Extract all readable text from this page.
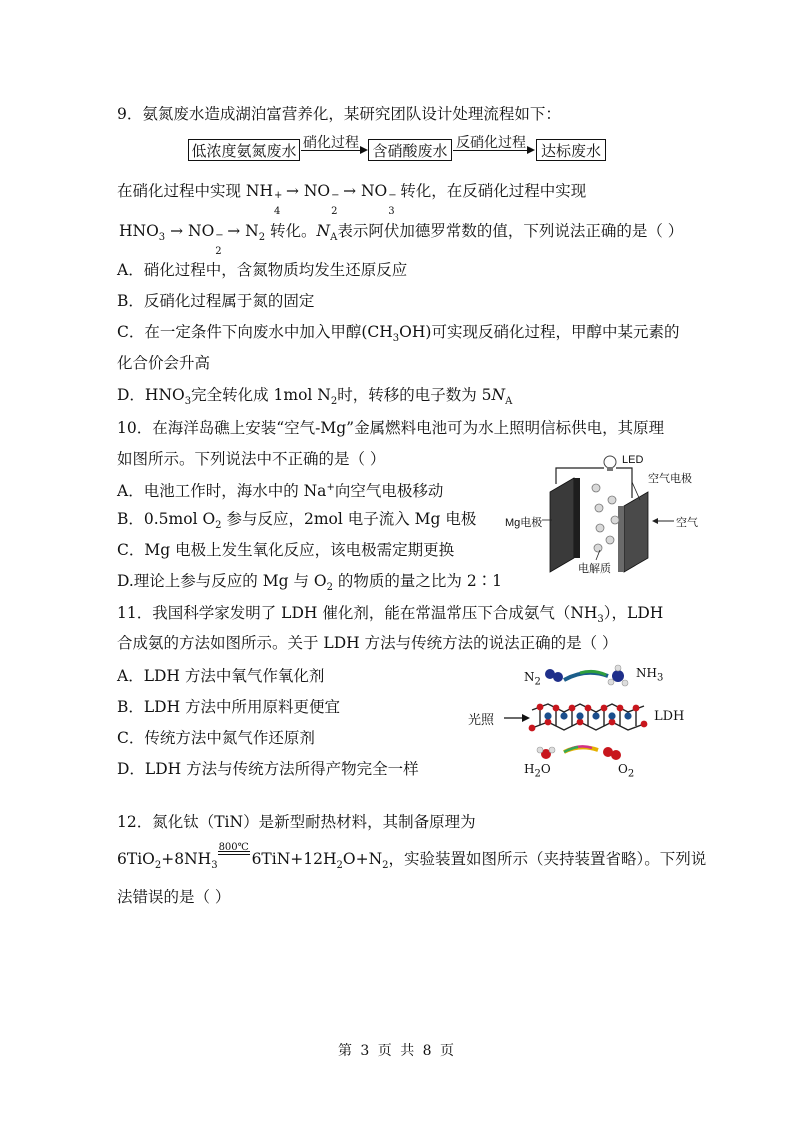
9．氨氮废水造成湖泊富营养化，某研究团队设计处理流程如下：
低浓度氨氮废水 硝化过程 含硝酸废水 反硝化过程 达标废水
在硝化过程中实现 NH +
4
→ NO −
2
→ NO −
3
转化，在反硝化过程中实现
$HNO_3$ → NO −
2
→ $N_2$ 转化。$N_A$表示阿伏加德罗常数的值，下列说法正确的是（ ）
A．硝化过程中，含氮物质均发生还原反应
B．反硝化过程属于氮的固定
C．在一定条件下向废水中加入甲醇$(CH_3OH)$可实现反硝化过程，甲醇中某元素的
化合价会升高
D．$HNO_3$完全转化成 1mol $N_2$时，转移的电子数为 $5N_A$
10．在海洋岛礁上安装“空气-Mg”金属燃料电池可为水上照明信标供电，其原理
如图所示。下列说法中不正确的是（ ）
A．电池工作时，海水中的 Na+向空气电极移动
B．0.5mol $O_2$ 参与反应，2mol 电子流入 Mg 电极
C．Mg 电极上发生氧化反应，该电极需定期更换
D.理论上参与反应的 Mg 与 $O_2$ 的物质的量之比为 2∶1
LED
空气电极
Mg电极	空气
电解质
11．我国科学家发明了 LDH 催化剂，能在常温常压下合成氨气$(NH_3)$，LDH
合成氨的方法如图所示。关于 LDH 方法与传统方法的说法正确的是（ ）
A．LDH 方法中氧气作氧化剂
B．LDH 方法中所用原料更便宜
C．传统方法中氮气作还原剂
D．LDH 方法与传统方法所得产物完全一样
$N_2$
$NH_3$
光照	LDH
$H_2O$	$O_2$
12．氮化钛（TiN）是新型耐热材料，其制备原理为
$6TiO_2+8NH_3$
800℃
$6TiN+12H_2O+N_2$，实验装置如图所示（夹持装置省略）。下列说
法错误的是（ ）
第 3 页 共 8 页
